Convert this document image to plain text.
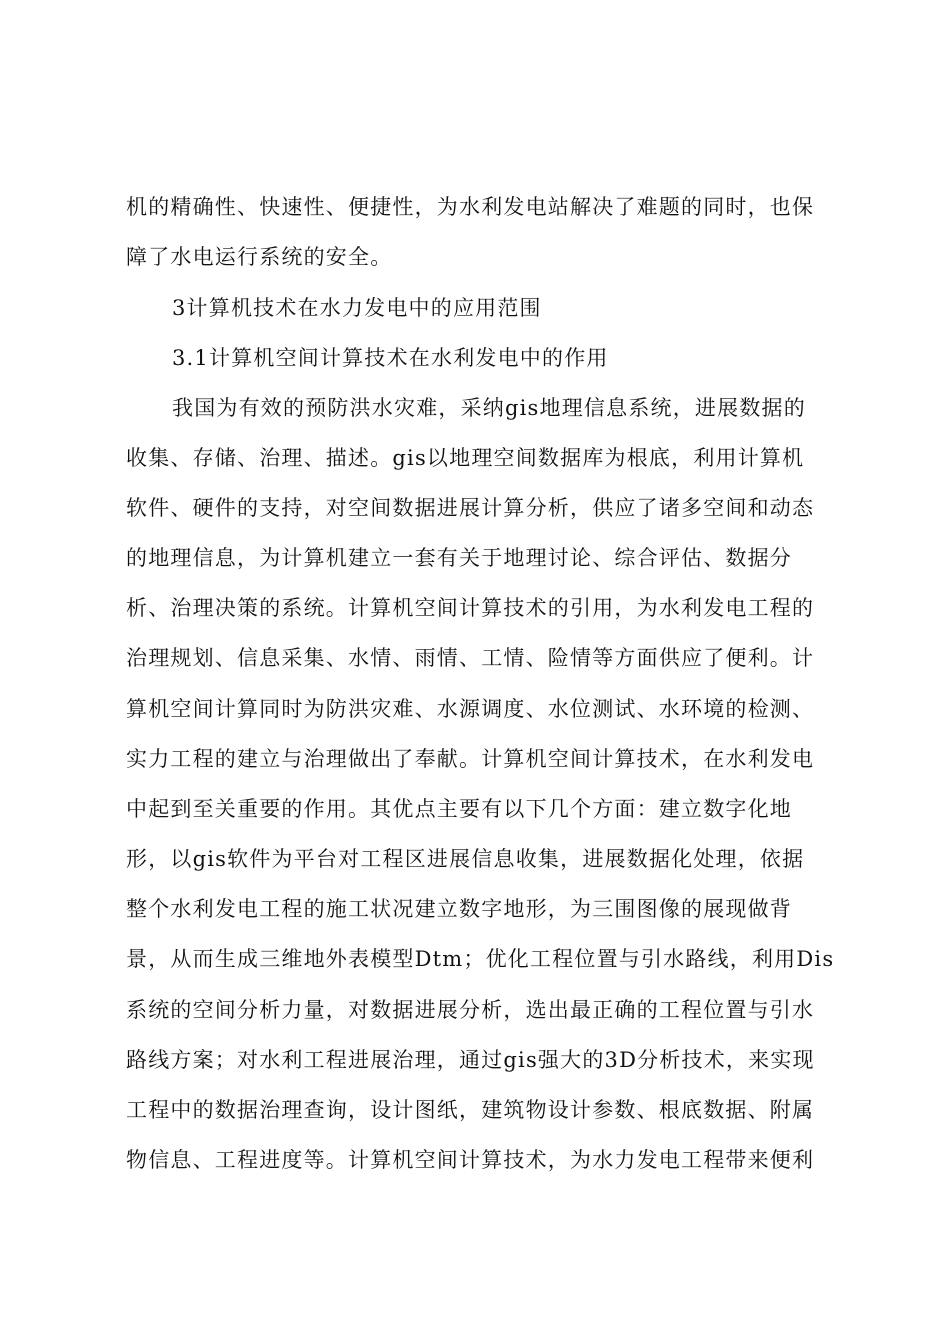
机的精确性、快速性、便捷性，为水利发电站解决了难题的同时，也保
障了水电运行系统的安全。
3计算机技术在水力发电中的应用范围
3.1计算机空间计算技术在水利发电中的作用
我国为有效的预防洪水灾难，采纳gis地理信息系统，进展数据的
收集、存储、治理、描述。gis以地理空间数据库为根底，利用计算机
软件、硬件的支持，对空间数据进展计算分析，供应了诸多空间和动态
的地理信息，为计算机建立一套有关于地理讨论、综合评估、数据分
析、治理决策的系统。计算机空间计算技术的引用，为水利发电工程的
治理规划、信息采集、水情、雨情、工情、险情等方面供应了便利。计
算机空间计算同时为防洪灾难、水源调度、水位测试、水环境的检测、
实力工程的建立与治理做出了奉献。计算机空间计算技术，在水利发电
中起到至关重要的作用。其优点主要有以下几个方面：建立数字化地
形，以gis软件为平台对工程区进展信息收集，进展数据化处理，依据
整个水利发电工程的施工状况建立数字地形，为三围图像的展现做背
景，从而生成三维地外表模型Dtm；优化工程位置与引水路线，利用Dis
系统的空间分析力量，对数据进展分析，选出最正确的工程位置与引水
路线方案；对水利工程进展治理，通过gis强大的3D分析技术，来实现
工程中的数据治理查询，设计图纸，建筑物设计参数、根底数据、附属
物信息、工程进度等。计算机空间计算技术，为水力发电工程带来便利
